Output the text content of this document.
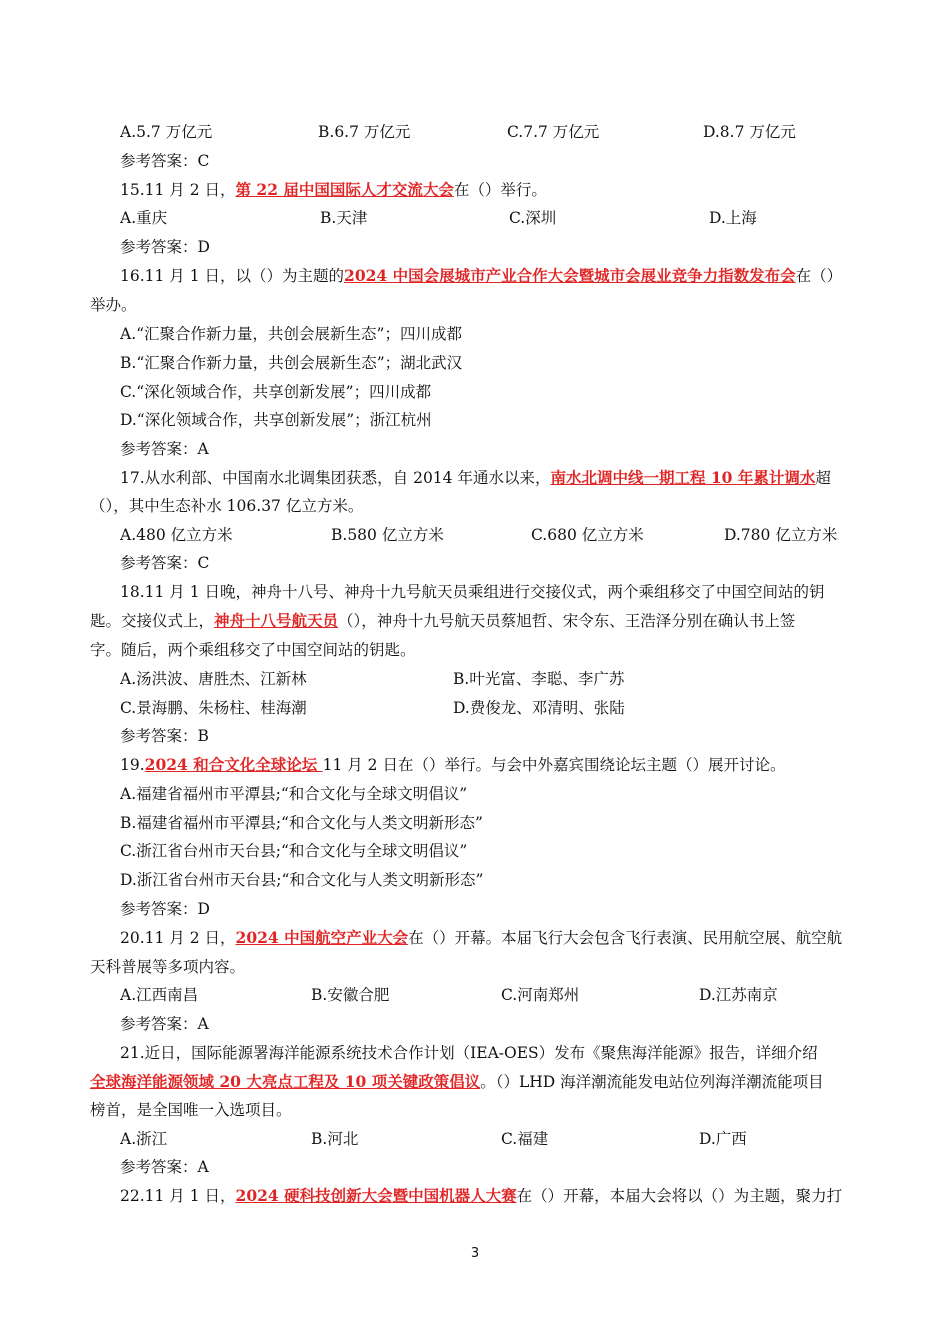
A.5.7 万亿元	B.6.7 万亿元	C.7.7 万亿元	D.8.7 万亿元
参考答案：C
15.11 月 2 日，第 22 届中国国际人才交流大会在（）举行。
A.重庆	B.天津	C.深圳	D.上海
参考答案：D
16.11 月 1 日，以（）为主题的2024 中国会展城市产业合作大会暨城市会展业竞争力指数发布会在（）
举办。
A.“汇聚合作新力量，共创会展新生态”；四川成都
B.“汇聚合作新力量，共创会展新生态”；湖北武汉
C.“深化领域合作，共享创新发展”；四川成都
D.“深化领域合作，共享创新发展”；浙江杭州
参考答案：A
17.从水利部、中国南水北调集团获悉，自 2014 年通水以来，南水北调中线一期工程 10 年累计调水超
（），其中生态补水 106.37 亿立方米。
A.480 亿立方米	B.580 亿立方米	C.680 亿立方米	D.780 亿立方米
参考答案：C
18.11 月 1 日晚，神舟十八号、神舟十九号航天员乘组进行交接仪式，两个乘组移交了中国空间站的钥
匙。交接仪式上，神舟十八号航天员（），神舟十九号航天员蔡旭哲、宋令东、王浩泽分别在确认书上签
字。随后，两个乘组移交了中国空间站的钥匙。
A.汤洪波、唐胜杰、江新林	B.叶光富、李聪、李广苏
C.景海鹏、朱杨柱、桂海潮	D.费俊龙、邓清明、张陆
参考答案：B
19.2024 和合文化全球论坛 11 月 2 日在（）举行。与会中外嘉宾围绕论坛主题（）展开讨论。
A.福建省福州市平潭县;“和合文化与全球文明倡议”
B.福建省福州市平潭县;“和合文化与人类文明新形态”
C.浙江省台州市天台县;“和合文化与全球文明倡议”
D.浙江省台州市天台县;“和合文化与人类文明新形态”
参考答案：D
20.11 月 2 日，2024 中国航空产业大会在（）开幕。本届飞行大会包含飞行表演、民用航空展、航空航
天科普展等多项内容。
A.江西南昌	B.安徽合肥	C.河南郑州	D.江苏南京
参考答案：A
21.近日，国际能源署海洋能源系统技术合作计划（IEA-OES）发布《聚焦海洋能源》报告，详细介绍
全球海洋能源领域 20 大亮点工程及 10 项关键政策倡议。（）LHD 海洋潮流能发电站位列海洋潮流能项目
榜首，是全国唯一入选项目。
A.浙江	B.河北	C.福建	D.广西
参考答案：A
22.11 月 1 日，2024 硬科技创新大会暨中国机器人大赛在（）开幕，本届大会将以（）为主题，聚力打
3
